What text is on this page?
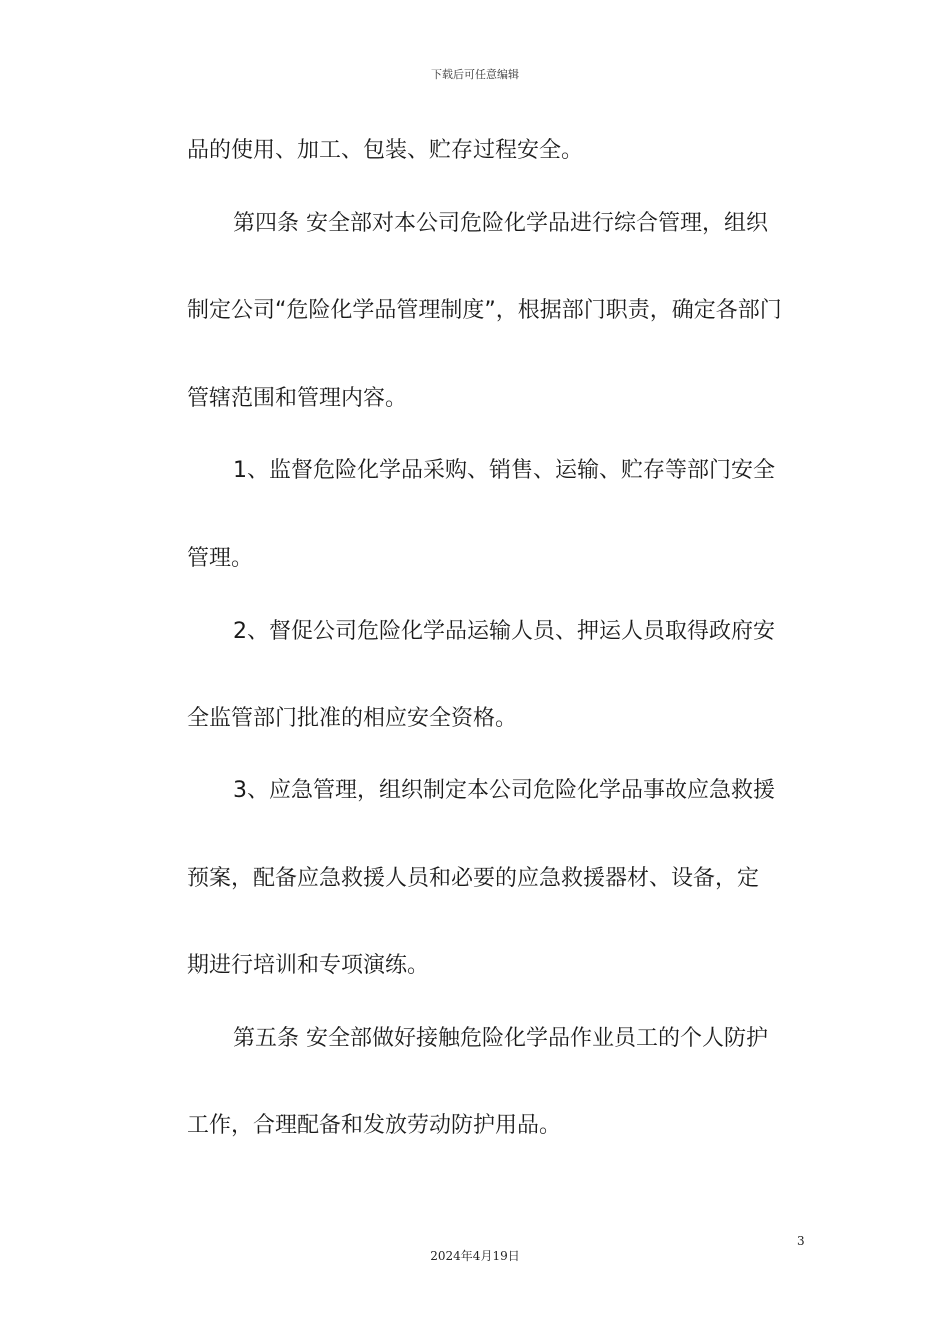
下载后可任意编辑
品的使用、加工、包装、贮存过程安全。
第四条 安全部对本公司危险化学品进行综合管理，组织
制定公司“危险化学品管理制度”，根据部门职责，确定各部门
管辖范围和管理内容。
1、监督危险化学品采购、销售、运输、贮存等部门安全
管理。
2、督促公司危险化学品运输人员、押运人员取得政府安
全监管部门批准的相应安全资格。
3、应急管理，组织制定本公司危险化学品事故应急救援
预案，配备应急救援人员和必要的应急救援器材、设备，定
期进行培训和专项演练。
第五条 安全部做好接触危险化学品作业员工的个人防护
工作，合理配备和发放劳动防护用品。
3
2024年4月19日
